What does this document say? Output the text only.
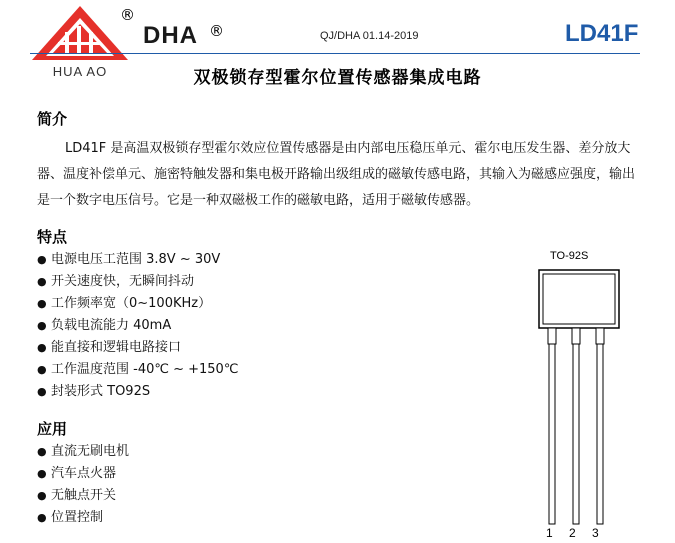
HUA AO
®
DHA ®	QJ/DHA 01.14-2019	LD41F
双极锁存型霍尔位置传感器集成电路
简介
LD41F 是高温双极锁存型霍尔效应位置传感器是由内部电压稳压单元、霍尔电压发生器、差分放大器、温度补偿单元、施密特触发器和集电极开路输出级组成的磁敏传感电路，其输入为磁感应强度，输出是一个数字电压信号。它是一种双磁极工作的磁敏电路，适用于磁敏传感器。
特点
● 电源电压工范围 3.8V ~ 30V
● 开关速度快，无瞬间抖动
● 工作频率宽（0~100KHz）
● 负载电流能力 40mA
● 能直接和逻辑电路接口
● 工作温度范围 -40℃ ~ +150℃
● 封装形式 TO92S
应用
● 直流无刷电机
● 汽车点火器
● 无触点开关
● 位置控制
TO-92S
1 2 3
